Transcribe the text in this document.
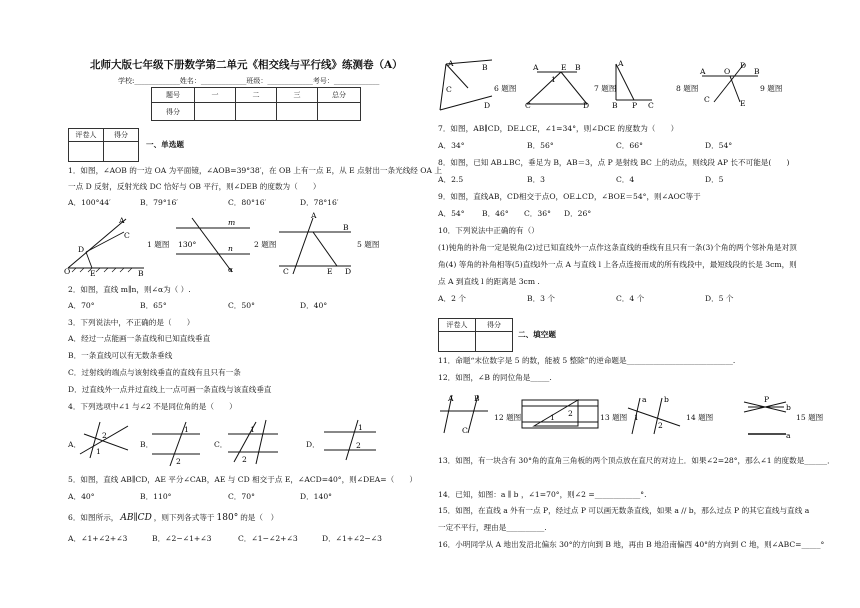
北师大版七年级下册数学第二单元《相交线与平行线》练测卷（A）
学校:_____________姓名：_____________班级：_____________考号：_____________
题号	一	二	三	总分
得分				
评卷人	得分

一、单选题
1．如图，∠AOB 的一边 OA 为平面镜，∠AOB=39°38′，在 OB 上有一点 E，从 E 点射出一条光线经 OA 上
一点 D 反射，反射光线 DC 恰好与 OB 平行，则∠DEB 的度数为（　　）
A．100°44′	B．79°16′	C．80°16′	D．78°16′
A
C
O
D
E	B
1 题图
m
n
130°
α
2 题图
A
C	E D
B
5 题图
2．如图，直线 m∥n，则∠α为（ ）.
A．70°	B．65°	C．50°	D．40°
3．下列说法中，不正确的是（　　）
A．经过一点能画一条直线和已知直线垂直
B．一条直线可以有无数条垂线
C．过射线的端点与该射线垂直的直线有且只有一条
D．过直线外一点并过直线上一点可画一条直线与该直线垂直
4．下列选项中∠1 与∠2 不是同位角的是（　　）
A．
2
1
B．
1
2
C．
1
2
D．
1
2
5．如图，直线 AB∥CD，AE 平分∠CAB，AE 与 CD 相交于点 E，∠ACD=40°，则∠DEA=（　　）
A．40°	B．110°	C．70°	D．140°
6．如图所示， AB∥CD ，则下列各式等于 180° 的是（　）
A．∠1+∠2+∠3	B．∠2−∠1+∠3	C．∠1−∠2+∠3	D．∠1+∠2−∠3
A
C
B
D
6 题图
A	E B
C	D
1
7 题图
A
B P C
8 题图
A O
D
C	E
B
9 题图
7．如图，AB∥CD，DE⊥CE，∠1=34°，则∠DCE 的度数为（　　）
A．34°	B．56°	C．66°	D．54°
8．如图，已知 AB⊥BC，垂足为 B，AB＝3，点 P 是射线 BC 上的动点，则线段 AP 长不可能是(　　)
A．2.5	B．3	C．4	D．5
9．如图，直线AB，CD相交于点O，OE⊥CD，∠BOE＝54°，则∠AOC等于
A．54° B．46° C．36° D．26°
10．下列说法中正确的有（）
(1)钝角的补角一定是锐角(2)过已知直线外一点作这条直线的垂线有且只有一条(3)个角的两个邻补角是对顶
角(4) 等角的补角相等(5)直线l外一点 A 与直线 l 上各点连接而成的所有线段中，最短线段的长是 3cm，则
点 A 到直线 l 的距离是 3cm .
A．2 个	B．3 个	C．4 个	D．5 个
评卷人	得分

二、填空题
11．命题“末位数字是 5 的数，能被 5 整除”的逆命题是____________________________.
12．如图，∠B 的同位角是_____.
A	B
C
12 题图	1 2	13 题图
a b
1
2
14 题图
P
b
a
15 题图
13．如图，有一块含有 30°角的直角三角板的两个顶点放在直尺的对边上．如果∠2=28°，那么∠1 的度数是______．
14．已知，如图：a ∥ b ，∠1=70°，则∠2 =____________°.
15．如图，在直线 a 外有一点 P，经过点 P 可以画无数条直线，如果 a // b，那么过点 P 的其它直线与直线 a
一定不平行，理由是__________.
16．小明同学从 A 地出发沿北偏东 30°的方向到 B 地，再由 B 地沿南偏西 40°的方向到 C 地，则∠ABC=_____°
